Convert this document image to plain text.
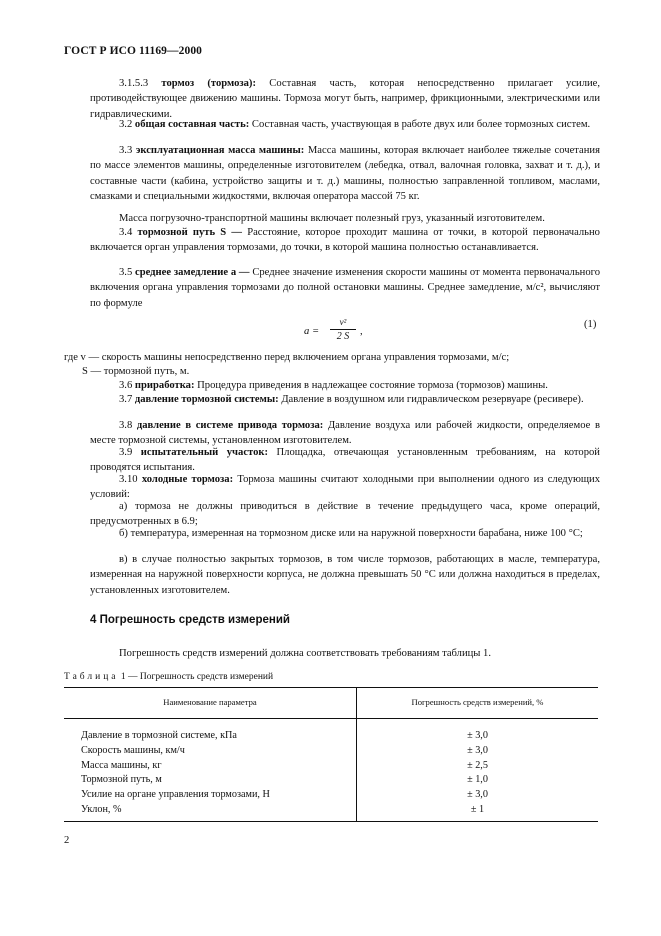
ГОСТ Р ИСО 11169—2000
3.1.5.3 тормоз (тормоза): Составная часть, которая непосредственно прилагает усилие, противодействующее движению машины. Тормоза могут быть, например, фрикционными, электрическими или гидравлическими.
3.2 общая составная часть: Составная часть, участвующая в работе двух или более тормозных систем.
3.3 эксплуатационная масса машины: Масса машины, которая включает наиболее тяжелые сочетания по массе элементов машины, определенные изготовителем (лебедка, отвал, валочная головка, захват и т. д.), и составные части (кабина, устройство защиты и т. д.) машины, полностью заправленной топливом, маслами, смазками и специальными жидкостями, включая оператора массой 75 кг.
Масса погрузочно-транспортной машины включает полезный груз, указанный изготовителем.
3.4 тормозной путь S — Расстояние, которое проходит машина от точки, в которой первоначально включается орган управления тормозами, до точки, в которой машина полностью останавливается.
3.5 среднее замедление a — Среднее значение изменения скорости машины от момента первоначального включения органа управления тормозами до полной остановки машины. Среднее замедление, м/с², вычисляют по формуле
a =
v²
2 S	,
(1)
где v — скорость машины непосредственно перед включением органа управления тормозами, м/с;
S — тормозной путь, м.
3.6 приработка: Процедура приведения в надлежащее состояние тормоза (тормозов) машины.
3.7 давление тормозной системы: Давление в воздушном или гидравлическом резервуаре (ресивере).
3.8 давление в системе привода тормоза: Давление воздуха или рабочей жидкости, определяемое в месте тормозной системы, установленном изготовителем.
3.9 испытательный участок: Площадка, отвечающая установленным требованиям, на которой проводятся испытания.
3.10 холодные тормоза: Тормоза машины считают холодными при выполнении одного из следующих условий:
а) тормоза не должны приводиться в действие в течение предыдущего часа, кроме операций, предусмотренных в 6.9;
б) температура, измеренная на тормозном диске или на наружной поверхности барабана, ниже 100 °С;
в) в случае полностью закрытых тормозов, в том числе тормозов, работающих в масле, температура, измеренная на наружной поверхности корпуса, не должна превышать 50 °С или должна находиться в пределах, установленных изготовителем.
4 Погрешность средств измерений
Погрешность средств измерений должна соответствовать требованиям таблицы 1.
Таблица 1 — Погрешность средств измерений
Наименование параметра	Погрешность средств измерений, %
Давление в тормозной системе, кПа	± 3,0
Скорость машины, км/ч	± 3,0
Масса машины, кг	± 2,5
Тормозной путь, м	± 1,0
Усилие на органе управления тормозами, Н	± 3,0
Уклон, %	± 1
2
